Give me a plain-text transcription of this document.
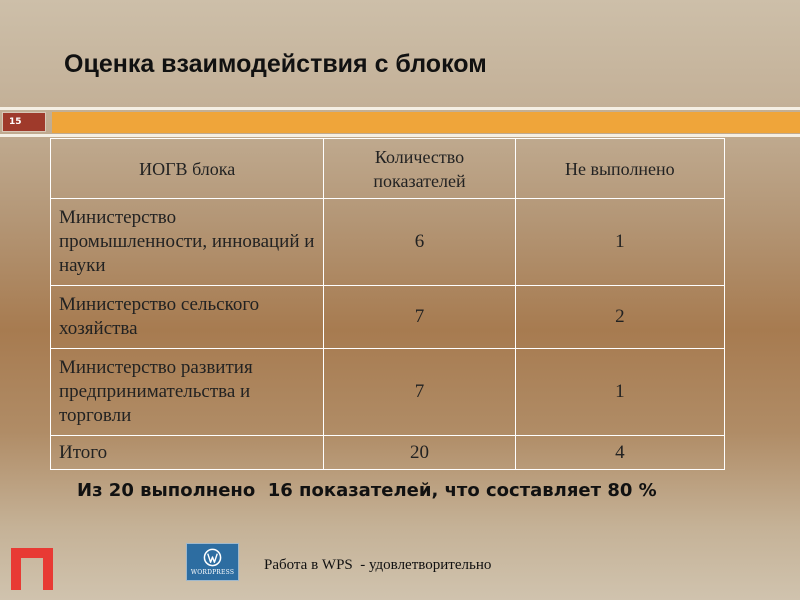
Оценка взаимодействия с блоком
15
ИОГВ блока	Количество показателей	Не выполнено
Министерство промышленности, инноваций и науки	6	1
Министерство сельского хозяйства	7	2
Министерство развития предпринимательства и торговли	7	1
Итого	20	4
Из 20 выполнено  16 показателей, что составляет 80 %
WORDPRESS Работа в WPS  - удовлетворительно
